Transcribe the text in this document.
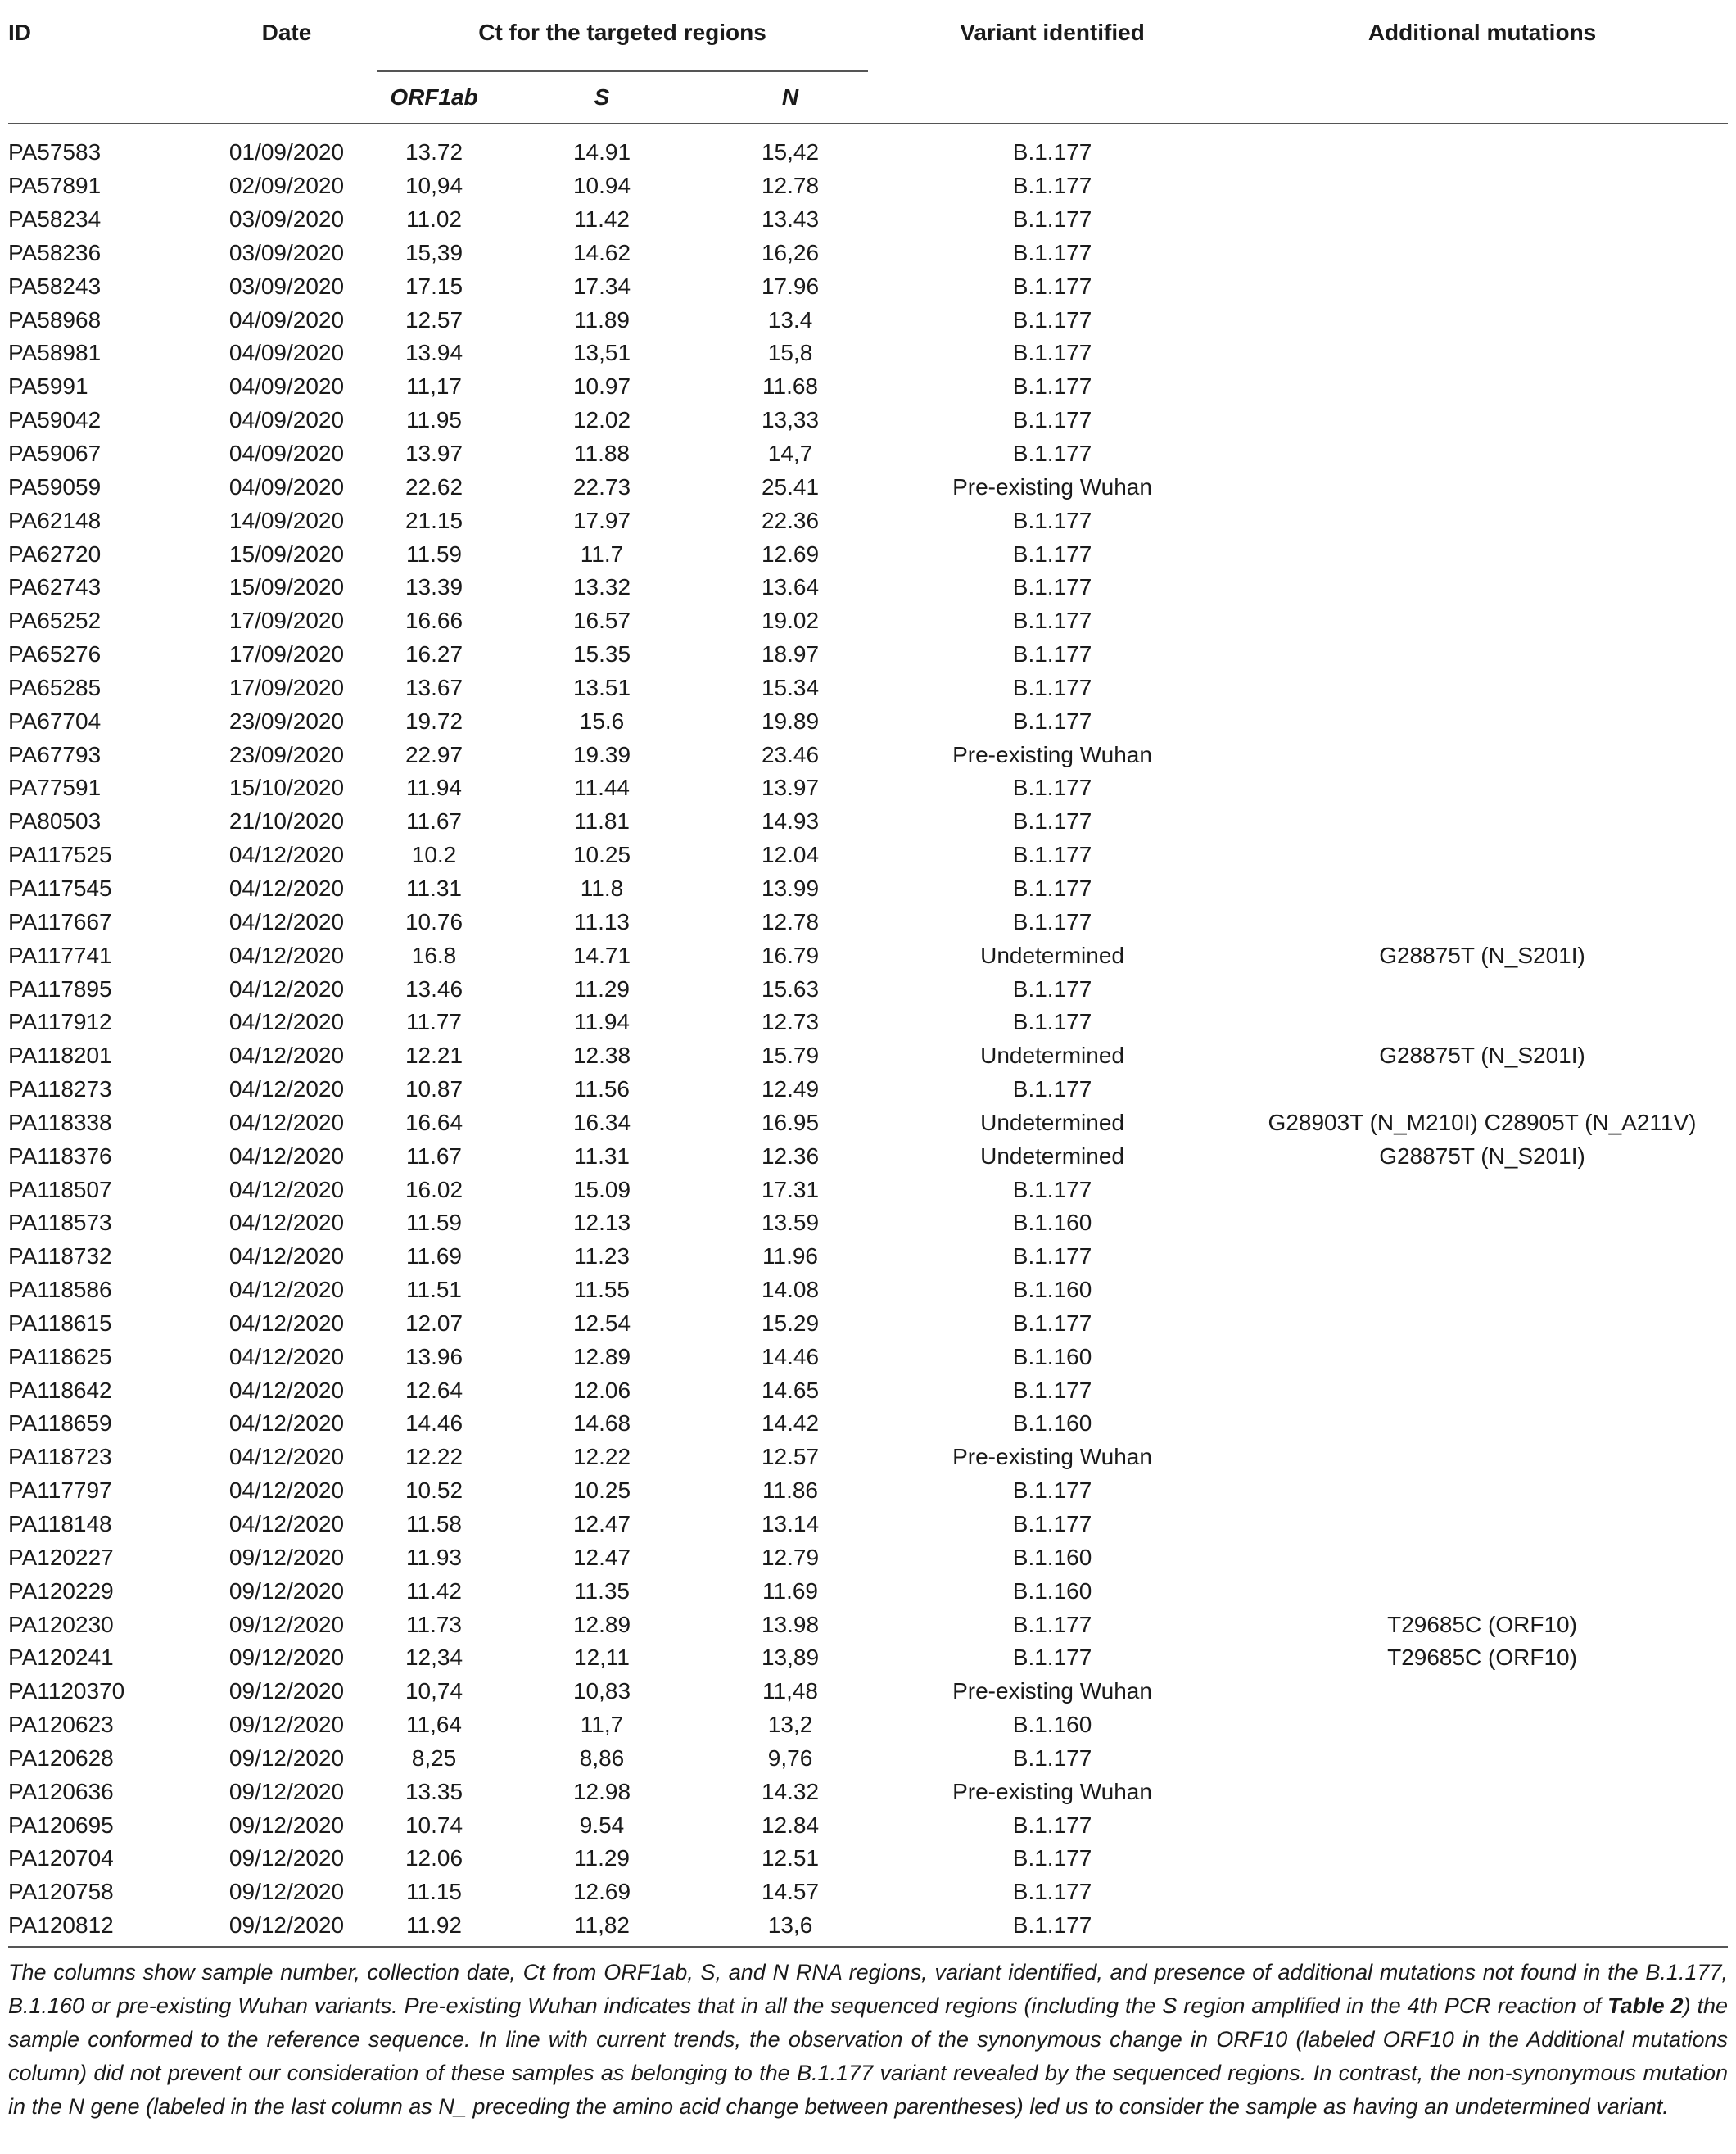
ID	Date	Ct for the targeted regions			Variant identified	Additional mutations
		ORF1ab	S	N		
PA57583	01/09/2020	13.72	14.91	15,42	B.1.177	
PA57891	02/09/2020	10,94	10.94	12.78	B.1.177	
PA58234	03/09/2020	11.02	11.42	13.43	B.1.177	
PA58236	03/09/2020	15,39	14.62	16,26	B.1.177	
PA58243	03/09/2020	17.15	17.34	17.96	B.1.177	
PA58968	04/09/2020	12.57	11.89	13.4	B.1.177	
PA58981	04/09/2020	13.94	13,51	15,8	B.1.177	
PA5991	04/09/2020	11,17	10.97	11.68	B.1.177	
PA59042	04/09/2020	11.95	12.02	13,33	B.1.177	
PA59067	04/09/2020	13.97	11.88	14,7	B.1.177	
PA59059	04/09/2020	22.62	22.73	25.41	Pre-existing Wuhan	
PA62148	14/09/2020	21.15	17.97	22.36	B.1.177	
PA62720	15/09/2020	11.59	11.7	12.69	B.1.177	
PA62743	15/09/2020	13.39	13.32	13.64	B.1.177	
PA65252	17/09/2020	16.66	16.57	19.02	B.1.177	
PA65276	17/09/2020	16.27	15.35	18.97	B.1.177	
PA65285	17/09/2020	13.67	13.51	15.34	B.1.177	
PA67704	23/09/2020	19.72	15.6	19.89	B.1.177	
PA67793	23/09/2020	22.97	19.39	23.46	Pre-existing Wuhan	
PA77591	15/10/2020	11.94	11.44	13.97	B.1.177	
PA80503	21/10/2020	11.67	11.81	14.93	B.1.177	
PA117525	04/12/2020	10.2	10.25	12.04	B.1.177	
PA117545	04/12/2020	11.31	11.8	13.99	B.1.177	
PA117667	04/12/2020	10.76	11.13	12.78	B.1.177	
PA117741	04/12/2020	16.8	14.71	16.79	Undetermined	G28875T (N_S201I)
PA117895	04/12/2020	13.46	11.29	15.63	B.1.177	
PA117912	04/12/2020	11.77	11.94	12.73	B.1.177	
PA118201	04/12/2020	12.21	12.38	15.79	Undetermined	G28875T (N_S201I)
PA118273	04/12/2020	10.87	11.56	12.49	B.1.177	
PA118338	04/12/2020	16.64	16.34	16.95	Undetermined	G28903T (N_M210I) C28905T (N_A211V)
PA118376	04/12/2020	11.67	11.31	12.36	Undetermined	G28875T (N_S201I)
PA118507	04/12/2020	16.02	15.09	17.31	B.1.177	
PA118573	04/12/2020	11.59	12.13	13.59	B.1.160	
PA118732	04/12/2020	11.69	11.23	11.96	B.1.177	
PA118586	04/12/2020	11.51	11.55	14.08	B.1.160	
PA118615	04/12/2020	12.07	12.54	15.29	B.1.177	
PA118625	04/12/2020	13.96	12.89	14.46	B.1.160	
PA118642	04/12/2020	12.64	12.06	14.65	B.1.177	
PA118659	04/12/2020	14.46	14.68	14.42	B.1.160	
PA118723	04/12/2020	12.22	12.22	12.57	Pre-existing Wuhan	
PA117797	04/12/2020	10.52	10.25	11.86	B.1.177	
PA118148	04/12/2020	11.58	12.47	13.14	B.1.177	
PA120227	09/12/2020	11.93	12.47	12.79	B.1.160	
PA120229	09/12/2020	11.42	11.35	11.69	B.1.160	
PA120230	09/12/2020	11.73	12.89	13.98	B.1.177	T29685C (ORF10)
PA120241	09/12/2020	12,34	12,11	13,89	B.1.177	T29685C (ORF10)
PA1120370	09/12/2020	10,74	10,83	11,48	Pre-existing Wuhan	
PA120623	09/12/2020	11,64	11,7	13,2	B.1.160	
PA120628	09/12/2020	8,25	8,86	9,76	B.1.177	
PA120636	09/12/2020	13.35	12.98	14.32	Pre-existing Wuhan	
PA120695	09/12/2020	10.74	9.54	12.84	B.1.177	
PA120704	09/12/2020	12.06	11.29	12.51	B.1.177	
PA120758	09/12/2020	11.15	12.69	14.57	B.1.177	
PA120812	09/12/2020	11.92	11,82	13,6	B.1.177	
The columns show sample number, collection date, Ct from ORF1ab, S, and N RNA regions, variant identified, and presence of additional mutations not found in the B.1.177, B.1.160 or pre-existing Wuhan variants. Pre-existing Wuhan indicates that in all the sequenced regions (including the S region amplified in the 4th PCR reaction of Table 2) the sample conformed to the reference sequence. In line with current trends, the observation of the synonymous change in ORF10 (labeled ORF10 in the Additional mutations column) did not prevent our consideration of these samples as belonging to the B.1.177 variant revealed by the sequenced regions. In contrast, the non-synonymous mutation in the N gene (labeled in the last column as N_ preceding the amino acid change between parentheses) led us to consider the sample as having an undetermined variant.
